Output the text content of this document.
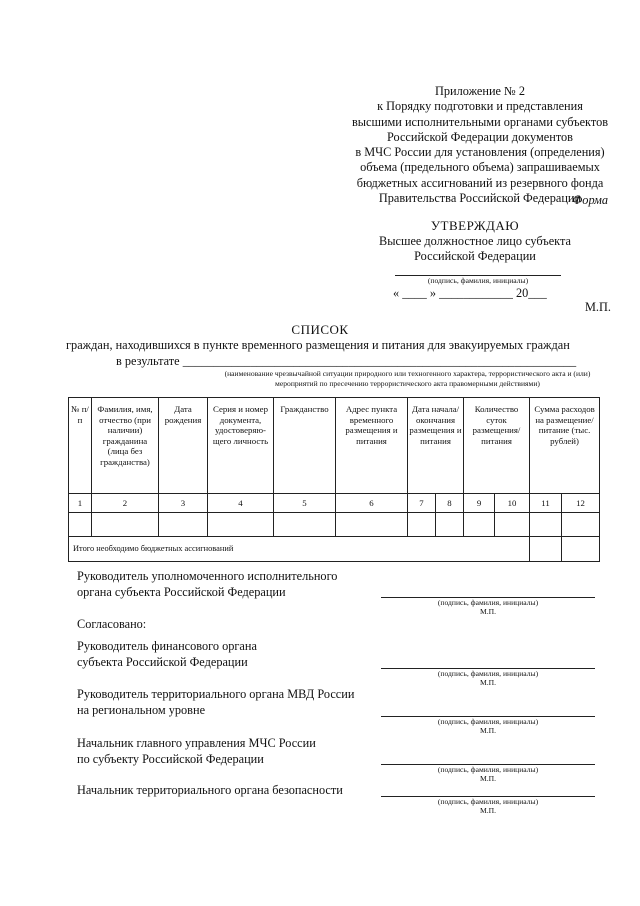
Приложение № 2
к Порядку подготовки и представления
высшими исполнительными органами субъектов
Российской Федерации документов
в МЧС России для установления (определения)
объема (предельного объема) запрашиваемых
бюджетных ассигнований из резервного фонда
Правительства Российской Федерации
Форма
УТВЕРЖДАЮ
Высшее должностное лицо субъекта
Российской Федерации
(подпись, фамилия, инициалы)
« ____ » ____________ 20___
М.П.
СПИСОК
граждан, находившихся в пункте временного размещения и питания для эвакуируемых граждан
в результате ________________________________________________________________
(наименование чрезвычайной ситуации природного или техногенного характера, террористического акта и (или) мероприятий по пресечению террористического акта правомерными действиями)
№ п/п	Фамилия, имя, отчество (при наличии) гражданина (лица без гражданства)	Дата рождения	Серия и номер документа, удостоверяю-щего личность	Гражданство	Адрес пункта временного размещения и питания	Дата начала/ окончания размещения и питания		Количество суток размещения/ питания		Сумма расходов на размещение/ питание (тыс. рублей)	
1	2	3	4	5	6	7	8	9	10	11	12

Итого необходимо бюджетных ассигнований											
Руководитель уполномоченного исполнительного
органа субъекта Российской Федерации
(подпись, фамилия, инициалы)
М.П.
Согласовано:
Руководитель финансового органа
субъекта Российской Федерации
(подпись, фамилия, инициалы)
М.П.
Руководитель территориального органа МВД России
на региональном уровне
(подпись, фамилия, инициалы)
М.П.
Начальник главного управления МЧС России
по субъекту Российской Федерации
(подпись, фамилия, инициалы)
М.П.
Начальник территориального органа безопасности
(подпись, фамилия, инициалы)
М.П.
